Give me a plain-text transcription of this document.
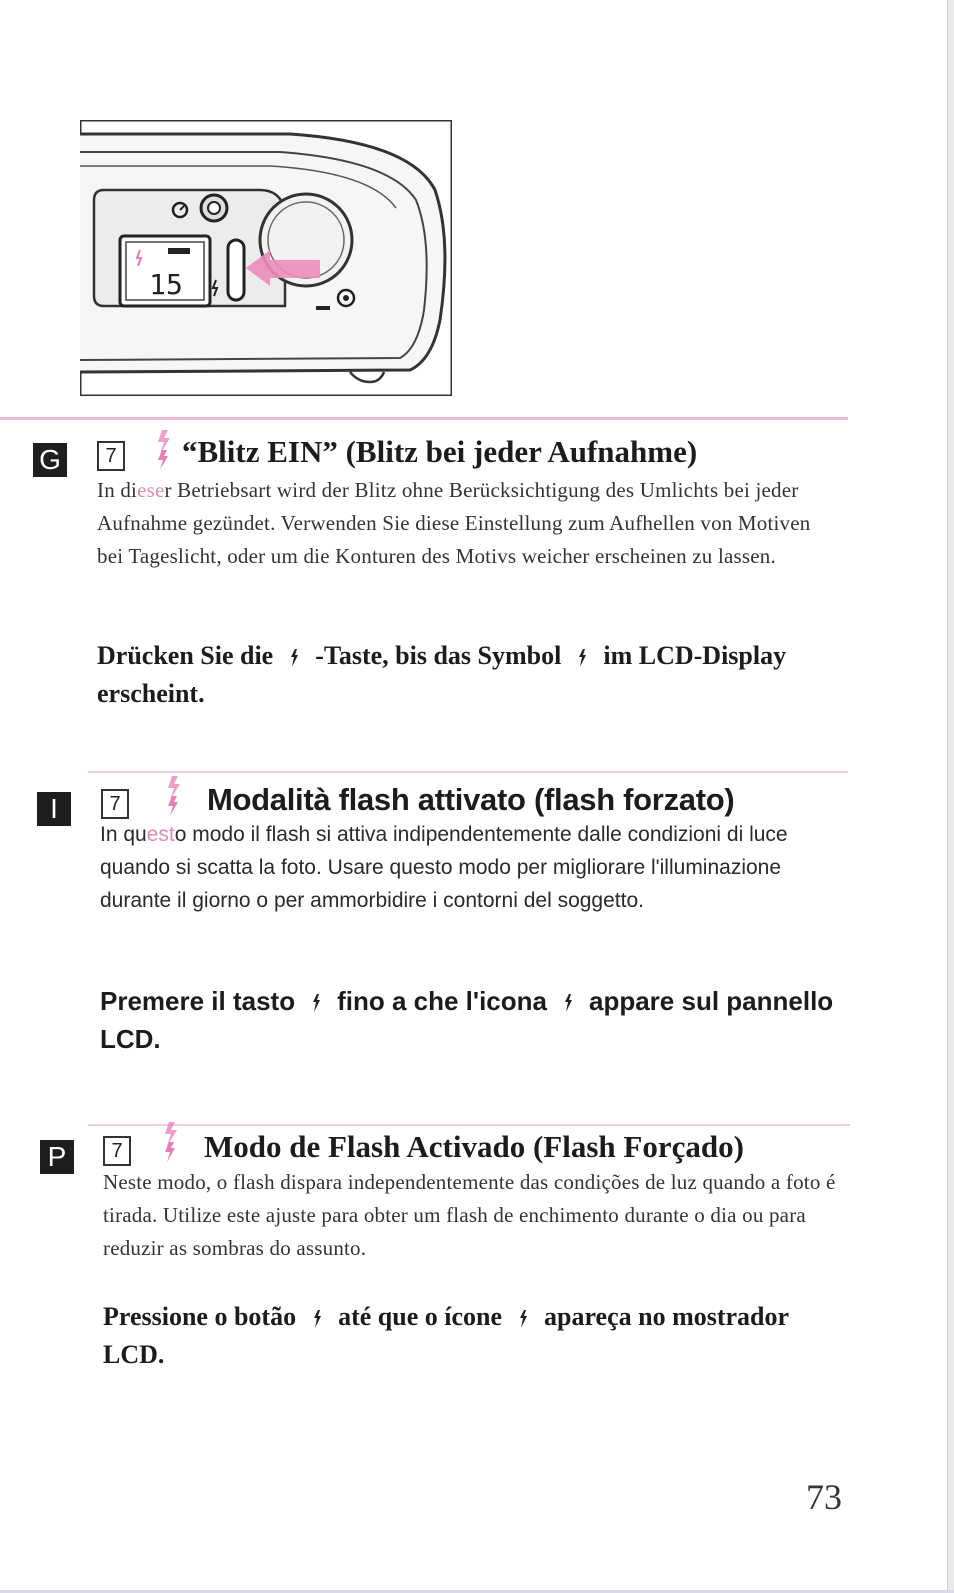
15
G	7 “Blitz EIN” (Blitz bei jeder Aufnahme)

In dieser Betriebsart wird der Blitz ohne Berücksichtigung des Umlichts bei jeder Aufnahme gezündet. Verwenden Sie diese Einstellung zum Aufhellen von Motiven bei Tageslicht, oder um die Konturen des Motivs weicher erscheinen zu lassen.

Drücken Sie die -Taste, bis das Symbol im LCD-Display erscheint.

I	7	Modalità flash attivato (flash forzato)

In questo modo il flash si attiva indipendentemente dalle condizioni di luce quando si scatta la foto. Usare questo modo per migliorare l'illuminazione durante il giorno o per ammorbidire i contorni del soggetto.

Premere il tasto fino a che l'icona appare sul pannello LCD.

P	7	Modo de Flash Activado (Flash Forçado)

Neste modo, o flash dispara independentemente das condições de luz quando a foto é tirada. Utilize este ajuste para obter um flash de enchimento durante o dia ou para reduzir as sombras do assunto.

Pressione o botão até que o ícone apareça no mostrador LCD.

73
